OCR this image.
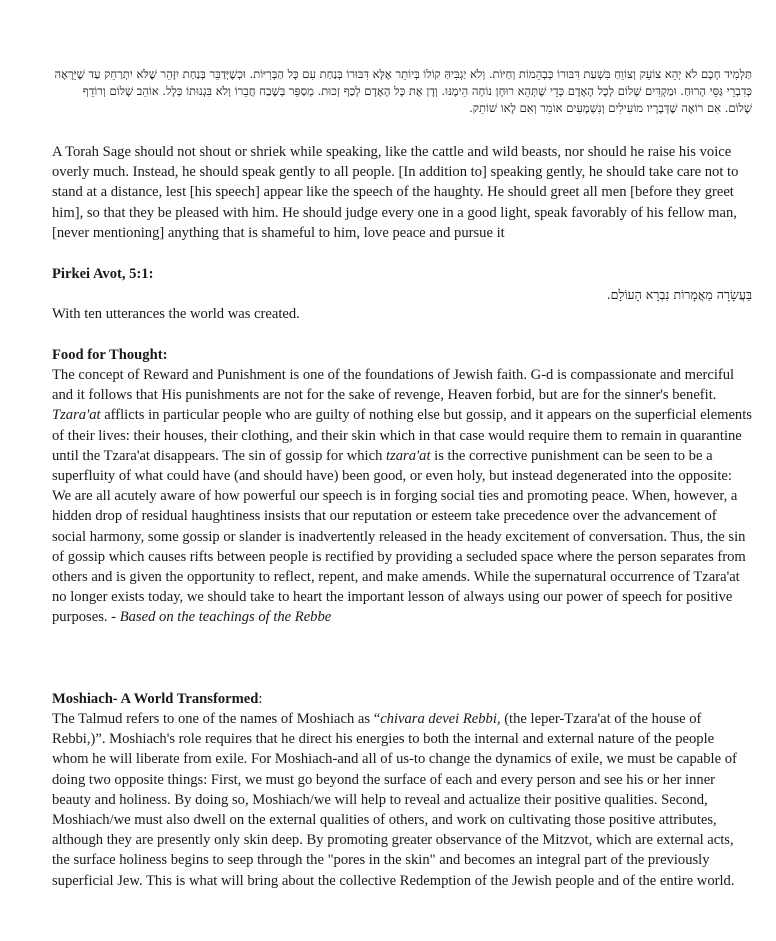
תַּלְמִיד חָכָם לֹא יְהֵא צוֹעֵק וְצוֹוֵחַ בִּשְׁעַת דִּבּוּרוֹ כְּבְהֵמוֹת וְחַיּוֹת. וְלֹא יַגְבִּיהַּ קוֹלוֹ בְּיוֹתֵר אֶלָּא דִּבּוּרוֹ בְּנַחַת עִם כָּל הַבְּרִיּוֹת. וּכְשֶׁיְּדַבֵּר בְּנַחַת יִזָּהֵר שֶׁלֹּא יִתְרַחֵק עַד שֶׁיֵּרָאֶה כְּדִבְרֵי גַּסֵּי הָרוּחַ. וּמַקְדִּים שָׁלוֹם לְכָל הָאָדָם כְּדֵי שֶׁתְּהֵא רוּחָן נוֹחָה הֵימֶנּוּ. וְדָן אֶת כָּל הָאָדָם לְכַף זְכוּת. מְסַפֵּר בְּשֶׁבַח חֲבֵרוֹ וְלֹא בִּגְנוּתוֹ כְּלָל. אוֹהֵב שָׁלוֹם וְרוֹדֵף שָׁלוֹם. אִם רוֹאֶה שֶׁדְּבָרָיו מוֹעִילִים וְנִשְׁמָעִים אוֹמֵר וְאִם לָאו שׁוֹתֵק.

A Torah Sage should not shout or shriek while speaking, like the cattle and wild beasts, nor should he raise his voice overly much. Instead, he should speak gently to all people. [In addition to] speaking gently, he should take care not to stand at a distance, lest [his speech] appear like the speech of the haughty. He should greet all men [before they greet him], so that they be pleased with him. He should judge every one in a good light, speak favorably of his fellow man, [never mentioning] anything that is shameful to him, love peace and pursue it

Pirkei Avot, 5:1:

בַּעֲשָׂרָה מַאֲמָרוֹת נִבְרָא הָעוֹלָם.

With ten utterances the world was created.

Food for Thought:

The concept of Reward and Punishment is one of the foundations of Jewish faith. G-d is compassionate and merciful and it follows that His punishments are not for the sake of revenge, Heaven forbid, but are for the sinner's benefit. Tzara'at afflicts in particular people who are guilty of nothing else but gossip, and it appears on the superficial elements of their lives: their houses, their clothing, and their skin which in that case would require them to remain in quarantine until the Tzara'at disappears. The sin of gossip for which tzara'at is the corrective punishment can be seen to be a superfluity of what could have (and should have) been good, or even holy, but instead degenerated into the opposite: We are all acutely aware of how powerful our speech is in forging social ties and promoting peace. When, however, a hidden drop of residual haughtiness insists that our reputation or esteem take precedence over the advancement of social harmony, some gossip or slander is inadvertently released in the heady excitement of conversation. Thus, the sin of gossip which causes rifts between people is rectified by providing a secluded space where the person separates from others and is given the opportunity to reflect, repent, and make amends. While the supernatural occurrence of Tzara'at no longer exists today, we should take to heart the important lesson of always using our power of speech for positive purposes. - Based on the teachings of the Rebbe

Moshiach- A World Transformed:

The Talmud refers to one of the names of Moshiach as “chivara devei Rebbi, (the leper-Tzara'at of the house of Rebbi,)”. Moshiach's role requires that he direct his energies to both the internal and external nature of the people whom he will liberate from exile. For Moshiach-and all of us-to change the dynamics of exile, we must be capable of doing two opposite things: First, we must go beyond the surface of each and every person and see his or her inner beauty and holiness. By doing so, Moshiach/we will help to reveal and actualize their positive qualities. Second, Moshiach/we must also dwell on the external qualities of others, and work on cultivating those positive attributes, although they are presently only skin deep. By promoting greater observance of the Mitzvot, which are external acts, the surface holiness begins to seep through the "pores in the skin" and becomes an integral part of the previously superficial Jew. This is what will bring about the collective Redemption of the Jewish people and of the entire world.
